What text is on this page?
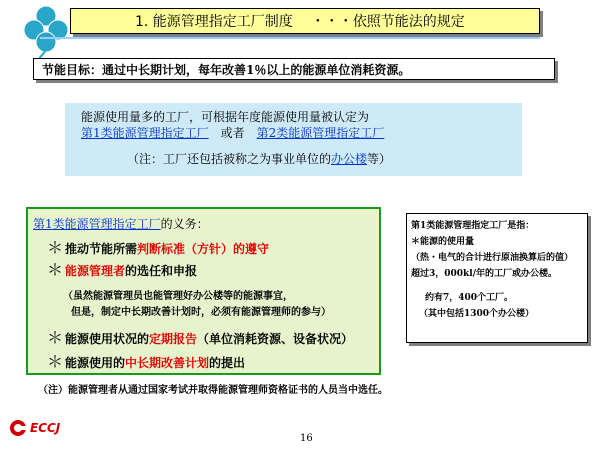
1. 能源管理指定工厂制度 ・・・依照节能法的规定
节能目标：通过中长期计划，每年改善1％以上的能源单位消耗资源。
能源使用量多的工厂，可根据年度能源使用量被认定为
第1类能源管理指定工厂 或者 第2类能源管理指定工厂
（注：工厂还包括被称之为事业单位的办公楼等）
第1类能源管理指定工厂的义务：
＊ 推动节能所需判断标准（方针）的遵守
＊ 能源管理者的选任和申报
（虽然能源管理员也能管理好办公楼等的能源事宜，
但是，制定中长期改善计划时，必须有能源管理师的参与）
＊ 能源使用状况的定期报告（单位消耗资源、设备状况）
＊ 能源使用的中长期改善计划的提出
第1类能源管理指定工厂是指：
＊能源的使用量
（热・电气的合计进行原油换算后的值）
超过3，000kl/年的工厂或办公楼。
约有7，400个工厂。
（其中包括1300个办公楼）
（注）能源管理者从通过国家考试并取得能源管理师资格证书的人员当中选任。
ECCJ
16
